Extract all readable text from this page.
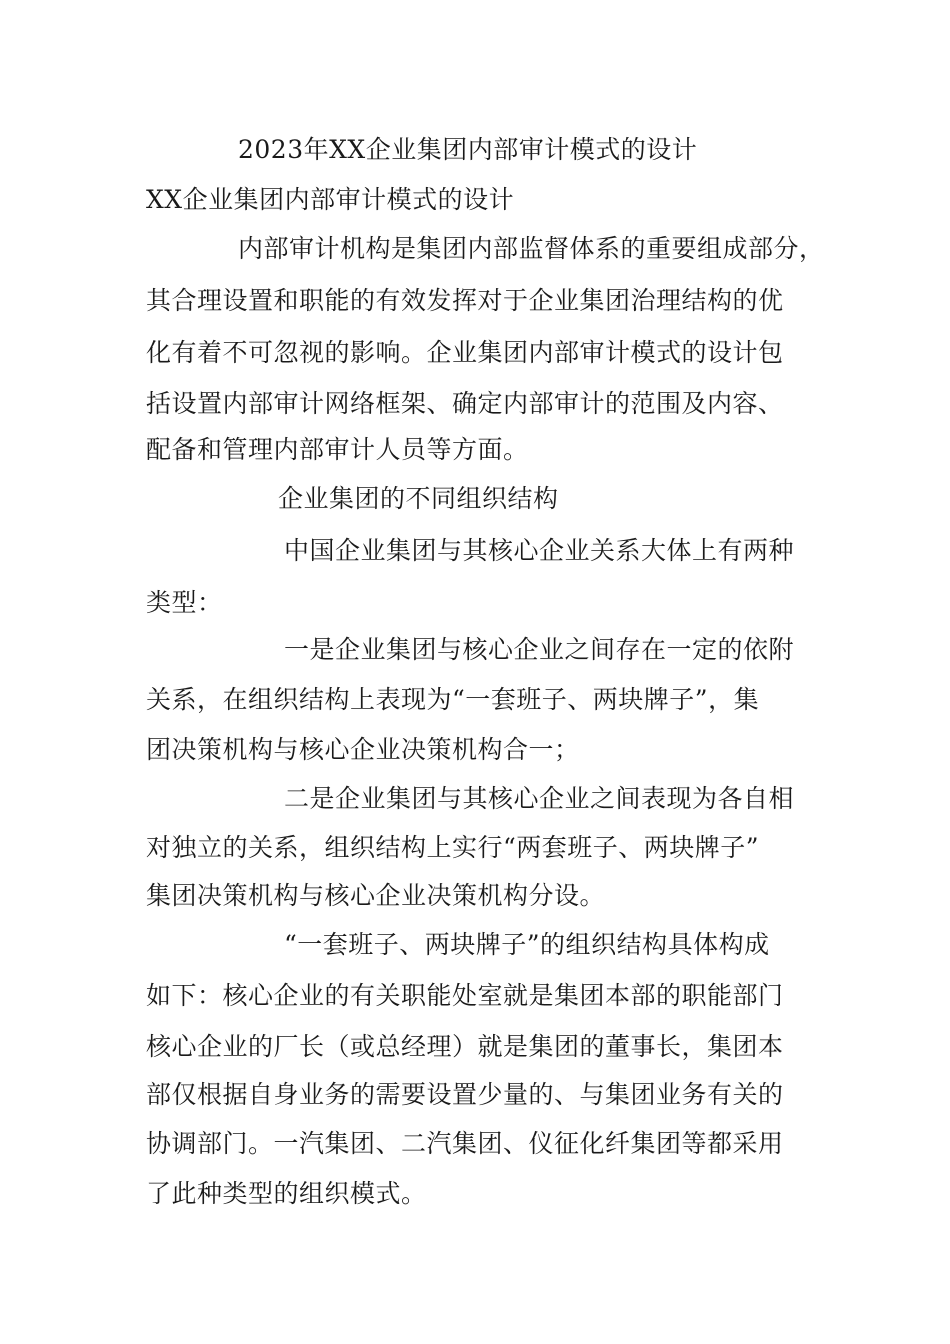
2023年XX企业集团内部审计模式的设计
XX企业集团内部审计模式的设计
内部审计机构是集团内部监督体系的重要组成部分，
其合理设置和职能的有效发挥对于企业集团治理结构的优
化有着不可忽视的影响。企业集团内部审计模式的设计包
括设置内部审计网络框架、确定内部审计的范围及内容、
配备和管理内部审计人员等方面。
企业集团的不同组织结构
中国企业集团与其核心企业关系大体上有两种
类型：
一是企业集团与核心企业之间存在一定的依附
关系，在组织结构上表现为“一套班子、两块牌子”，集
团决策机构与核心企业决策机构合一；
二是企业集团与其核心企业之间表现为各自相
对独立的关系，组织结构上实行“两套班子、两块牌子”
集团决策机构与核心企业决策机构分设。
“一套班子、两块牌子”的组织结构具体构成
如下：核心企业的有关职能处室就是集团本部的职能部门
核心企业的厂长（或总经理）就是集团的董事长，集团本
部仅根据自身业务的需要设置少量的、与集团业务有关的
协调部门。一汽集团、二汽集团、仪征化纤集团等都采用
了此种类型的组织模式。
